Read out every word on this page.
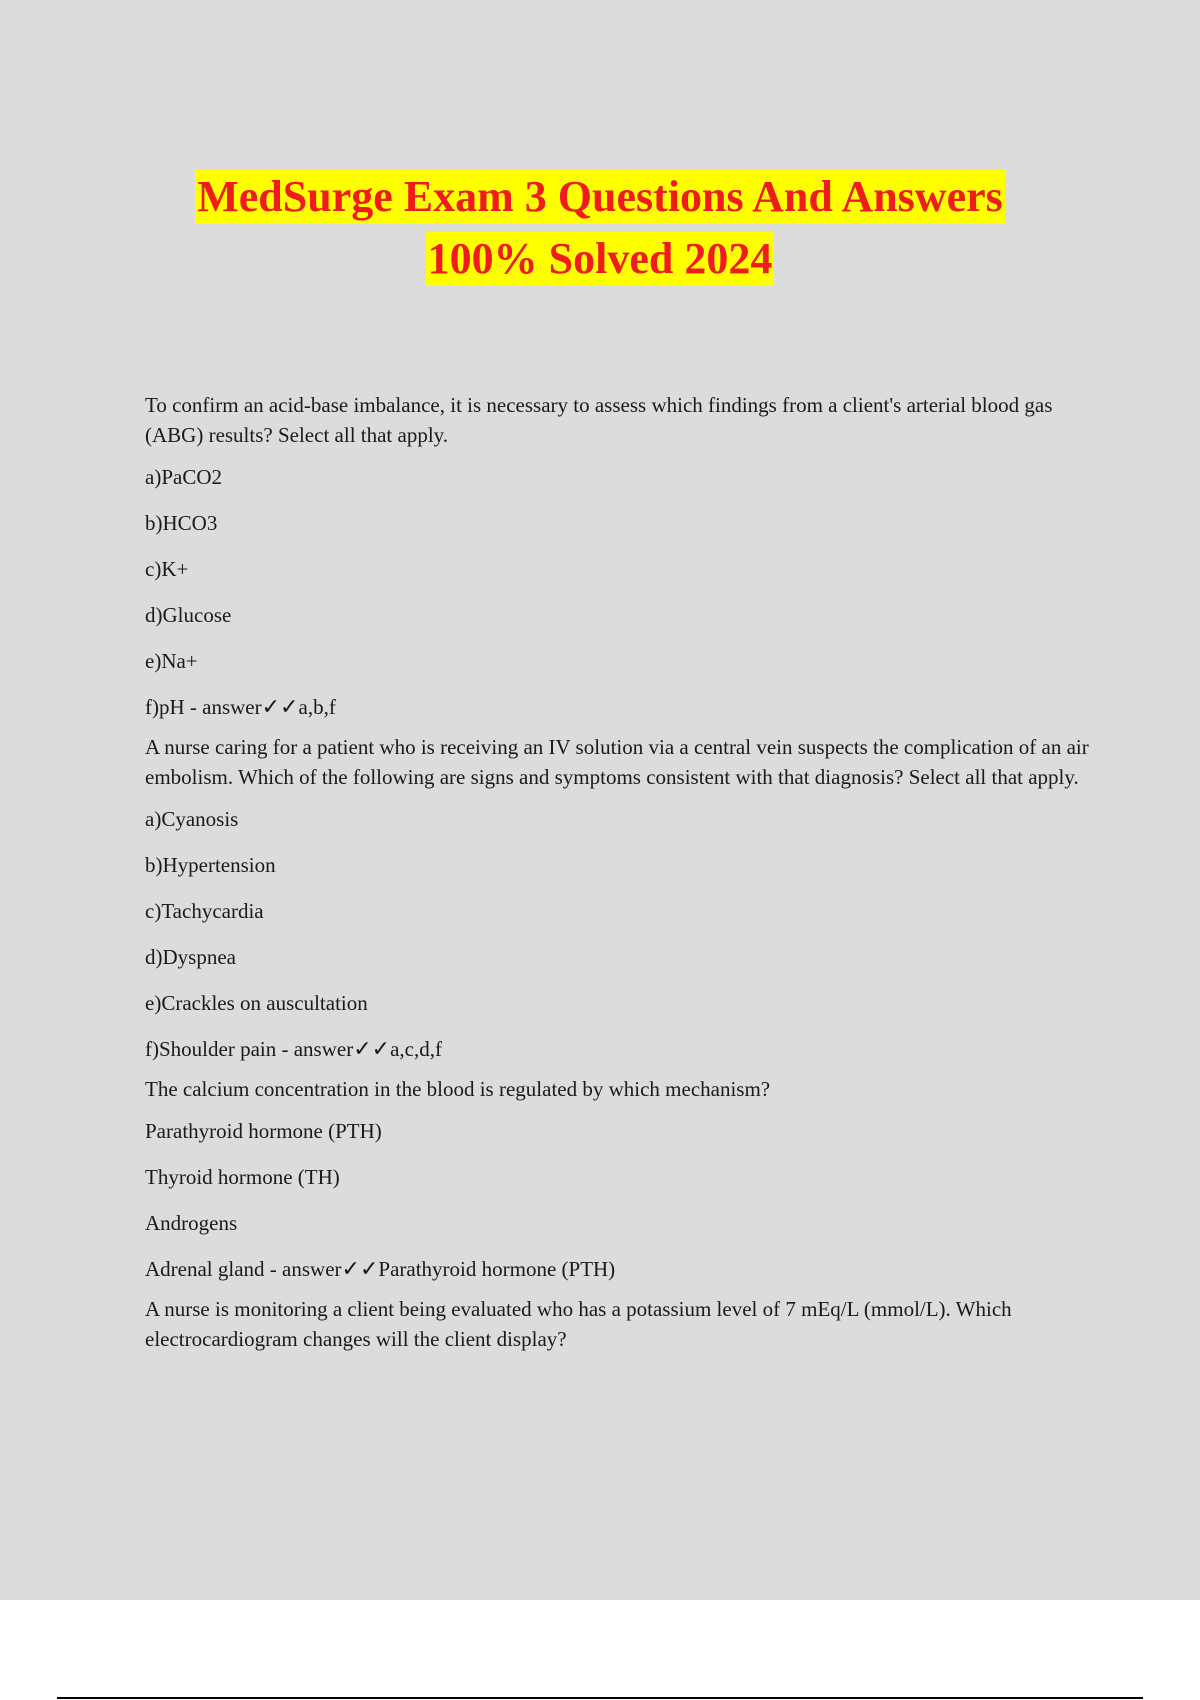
MedSurge Exam 3 Questions And Answers
100% Solved 2024
To confirm an acid-base imbalance, it is necessary to assess which findings from a client's arterial blood gas (ABG) results? Select all that apply.
a)PaCO2
b)HCO3
c)K+
d)Glucose
e)Na+
f)pH - answer✓✓a,b,f
A nurse caring for a patient who is receiving an IV solution via a central vein suspects the complication of an air embolism. Which of the following are signs and symptoms consistent with that diagnosis? Select all that apply.
a)Cyanosis
b)Hypertension
c)Tachycardia
d)Dyspnea
e)Crackles on auscultation
f)Shoulder pain - answer✓✓a,c,d,f
The calcium concentration in the blood is regulated by which mechanism?
Parathyroid hormone (PTH)
Thyroid hormone (TH)
Androgens
Adrenal gland - answer✓✓Parathyroid hormone (PTH)
A nurse is monitoring a client being evaluated who has a potassium level of 7 mEq/L (mmol/L). Which electrocardiogram changes will the client display?
